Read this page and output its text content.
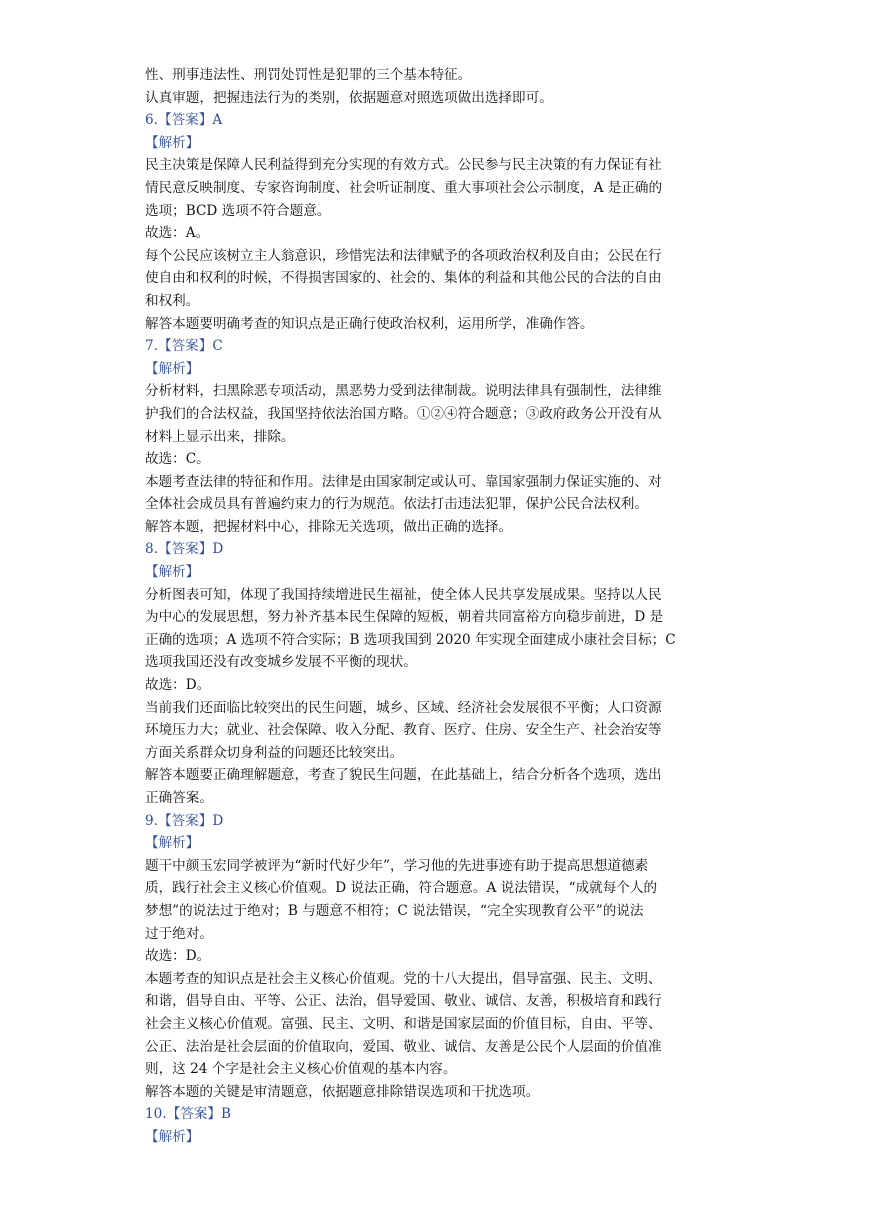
性、刑事违法性、刑罚处罚性是犯罪的三个基本特征。
认真审题，把握违法行为的类别，依据题意对照选项做出选择即可。
6.【答案】A
【解析】
民主决策是保障人民利益得到充分实现的有效方式。公民参与民主决策的有力保证有社
情民意反映制度、专家咨询制度、社会听证制度、重大事项社会公示制度，A 是正确的
选项；BCD 选项不符合题意。
故选：A。
每个公民应该树立主人翁意识，珍惜宪法和法律赋予的各项政治权利及自由；公民在行
使自由和权利的时候，不得损害国家的、社会的、集体的利益和其他公民的合法的自由
和权利。
解答本题要明确考查的知识点是正确行使政治权利，运用所学，准确作答。
7.【答案】C
【解析】
分析材料，扫黑除恶专项活动，黑恶势力受到法律制裁。说明法律具有强制性，法律维
护我们的合法权益，我国坚持依法治国方略。①②④符合题意；③政府政务公开没有从
材料上显示出来，排除。
故选：C。
本题考查法律的特征和作用。法律是由国家制定或认可、靠国家强制力保证实施的、对
全体社会成员具有普遍约束力的行为规范。依法打击违法犯罪，保护公民合法权利。
解答本题，把握材料中心，排除无关选项，做出正确的选择。
8.【答案】D
【解析】
分析图表可知，体现了我国持续增进民生福祉，使全体人民共享发展成果。坚持以人民
为中心的发展思想，努力补齐基本民生保障的短板，朝着共同富裕方向稳步前进，D 是
正确的选项；A 选项不符合实际；B 选项我国到 2020 年实现全面建成小康社会目标；C
选项我国还没有改变城乡发展不平衡的现状。
故选：D。
当前我们还面临比较突出的民生问题，城乡、区域、经济社会发展很不平衡；人口资源
环境压力大；就业、社会保障、收入分配、教育、医疗、住房、安全生产、社会治安等
方面关系群众切身利益的问题还比较突出。
解答本题要正确理解题意，考查了貌民生问题，在此基础上，结合分析各个选项，选出
正确答案。
9.【答案】D
【解析】
题干中颜玉宏同学被评为“新时代好少年”，学习他的先进事迹有助于提高思想道德素
质，践行社会主义核心价值观。D 说法正确，符合题意。A 说法错误，“成就每个人的
梦想”的说法过于绝对；B 与题意不相符；C 说法错误，“完全实现教育公平”的说法
过于绝对。
故选：D。
本题考查的知识点是社会主义核心价值观。党的十八大提出，倡导富强、民主、文明、
和谐，倡导自由、平等、公正、法治，倡导爱国、敬业、诚信、友善，积极培育和践行
社会主义核心价值观。富强、民主、文明、和谐是国家层面的价值目标，自由、平等、
公正、法治是社会层面的价值取向，爱国、敬业、诚信、友善是公民个人层面的价值准
则，这 24 个字是社会主义核心价值观的基本内容。
解答本题的关键是审清题意，依据题意排除错误选项和干扰选项。
10.【答案】B
【解析】
